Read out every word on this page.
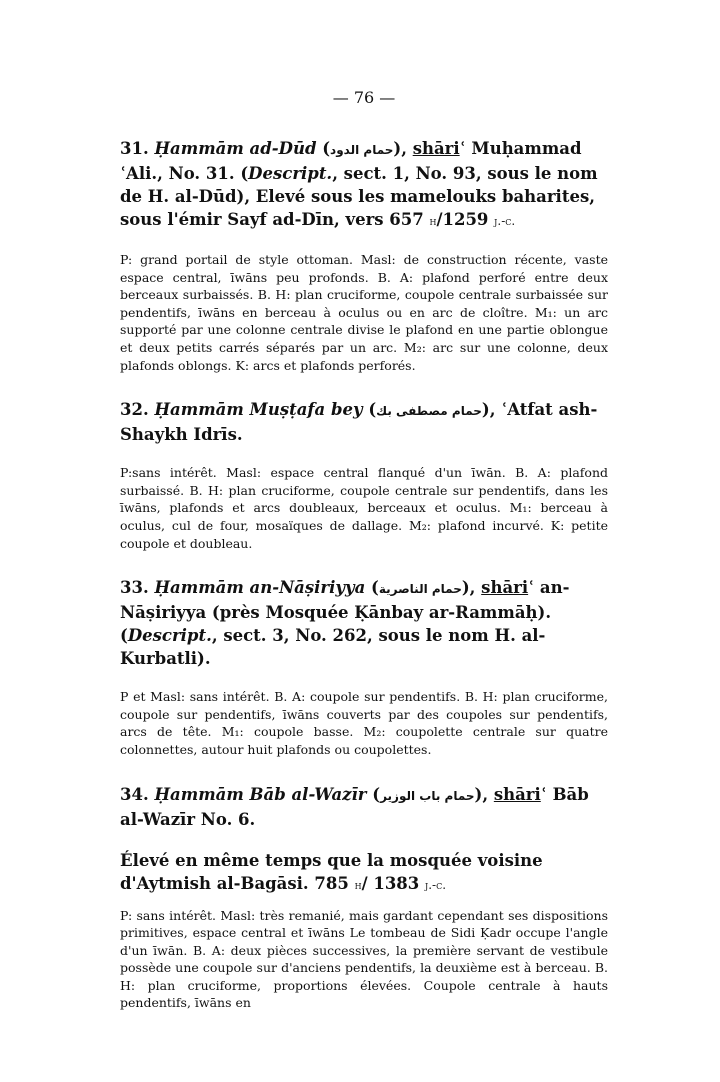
— 76 —
31. Ḥammām ad-Dūd (حمام الدود), shāriʿ Muḥammad ʿAli., No. 31. (Descript., sect. 1, No. 93, sous le nom de H. al-Dūd), Elevé sous les mamelouks baharites, sous l'émir Sayf ad-Dīn, vers 657 h/1259 j.-c.
P: grand portail de style ottoman. Masl: de construction récente, vaste espace central, īwāns peu profonds. B. A: plafond perforé entre deux berceaux surbaissés. B. H: plan cruciforme, coupole centrale surbaissée sur pendentifs, īwāns en berceau à oculus ou en arc de cloître. M₁: un arc supporté par une colonne centrale divise le plafond en une partie oblongue et deux petits carrés séparés par un arc. M₂: arc sur une colonne, deux plafonds oblongs. K: arcs et plafonds perforés.
32. Ḥammām Muṣṭafa bey (حمام مصطفى بك), ʿAtfat ash-Shaykh Idrīs.
P:sans intérêt. Masl: espace central flanqué d'un īwān. B. A: plafond surbaissé. B. H: plan cruciforme, coupole centrale sur pendentifs, dans les īwāns, plafonds et arcs doubleaux, berceaux et oculus. M₁: berceau à oculus, cul de four, mosaïques de dallage. M₂: plafond incurvé. K: petite coupole et doubleau.
33. Ḥammām an-Nāṣiriyya (حمام الناصرية), shāriʿ an-Nāṣiriyya (près Mosquée Ḳānbay ar-Rammāḥ). (Descript., sect. 3, No. 262, sous le nom H. al-Kurbatli).
P et Masl: sans intérêt. B. A: coupole sur pendentifs. B. H: plan cruciforme, coupole sur pendentifs, īwāns couverts par des coupoles sur pendentifs, arcs de tête. M₁: coupole basse. M₂: coupolette centrale sur quatre colonnettes, autour huit plafonds ou coupolettes.
34. Ḥammām Bāb al-Wazīr (حمام باب الوزير), shāriʿ Bāb al-Wazīr No. 6.
Élevé en même temps que la mosquée voisine d'Aytmish al-Bagāsi. 785 h/ 1383 j.-c.
P: sans intérêt. Masl: très remanié, mais gardant cependant ses dispositions primitives, espace central et īwāns Le tombeau de Sidi Ḳadr occupe l'angle d'un īwān. B. A: deux pièces successives, la première servant de vestibule possède une coupole sur d'anciens pendentifs, la deuxième est à berceau. B. H: plan cruciforme, proportions élevées. Coupole centrale à hauts pendentifs, īwāns en
